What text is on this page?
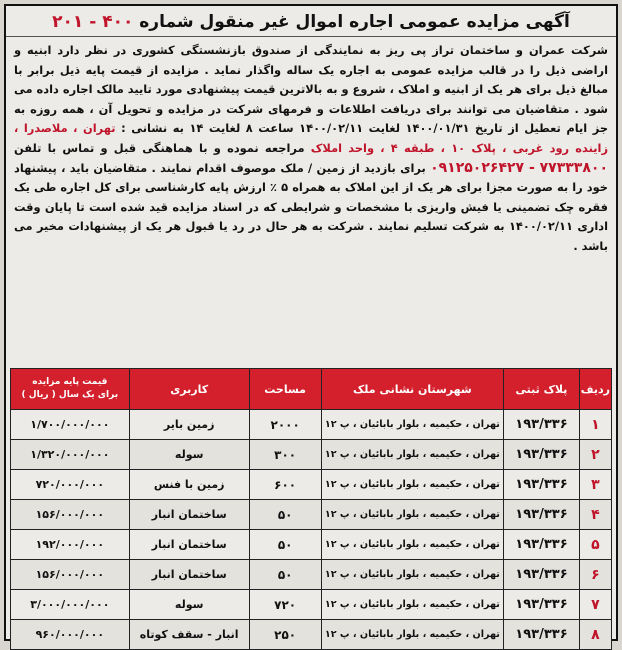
آگهی مزایده عمومی اجاره اموال غیر منقول شماره ۲۰۱ - ۴۰۰
شرکت عمران و ساختمان تراز پی ریز به نمایندگی از صندوق بازنشستگی کشوری در نظر دارد ابنیه و اراضی ذیل را در قالب مزایده عمومی به اجاره یک ساله واگذار نماید . مزایده از قیمت پایه ذیل برابر با مبالغ ذیل برای هر یک از ابنیه و املاک ، شروع و به بالاترین قیمت پیشنهادی مورد تایید مالک اجاره داده می شود . متقاضیان می توانند برای دریافت اطلاعات و فرمهای شرکت در مزایده و تحویل آن ، همه روزه به جز ایام تعطیل از تاریخ ۱۴۰۰/۰۱/۳۱ لغایت ۱۴۰۰/۰۲/۱۱ ساعت ۸ لغایت ۱۴ به نشانی : تهران ، ملاصدرا ، زاینده رود غربی ، پلاک ۱۰ ، طبقه ۴ ، واحد املاک مراجعه نموده و با هماهنگی قبل و تماس با تلفن ۰۹۱۲۵۰۲۶۴۲۷ - ۷۷۳۳۳۸۰۰ برای بازدید از زمین / ملک موصوف اقدام نمایند . متقاضیان باید ، پیشنهاد خود را به صورت مجزا برای هر یک از این املاک به همراه ۵ ٪ ارزش پایه کارشناسی برای کل اجاره طی یک فقره چک تضمینی یا فیش واریزی با مشخصات و شرایطی که در اسناد مزایده قید شده است تا پایان وقت اداری ۱۴۰۰/۰۲/۱۱ به شرکت تسلیم نمایند . شرکت به هر حال در رد یا قبول هر یک از پیشنهادات مخیر می باشد .
ردیف	پلاک ثبتی	شهرستان نشانی ملک	مساحت	کاربری	قیمت پایه مزایده
برای یک سال ( ریال )

۱	۱۹۳/۳۳۶	تهران ، حکیمیه ، بلوار بابائیان ، پ ۱۲	۲۰۰۰	زمین بایر	۱/۷۰۰/۰۰۰/۰۰۰
۲	۱۹۳/۳۳۶	تهران ، حکیمیه ، بلوار بابائیان ، پ ۱۲	۳۰۰	سوله	۱/۳۲۰/۰۰۰/۰۰۰
۳	۱۹۳/۳۳۶	تهران ، حکیمیه ، بلوار بابائیان ، پ ۱۲	۶۰۰	زمین با فنس	۷۲۰/۰۰۰/۰۰۰
۴	۱۹۳/۳۳۶	تهران ، حکیمیه ، بلوار بابائیان ، پ ۱۲	۵۰	ساختمان انبار	۱۵۶/۰۰۰/۰۰۰
۵	۱۹۳/۳۳۶	تهران ، حکیمیه ، بلوار بابائیان ، پ ۱۲	۵۰	ساختمان انبار	۱۹۲/۰۰۰/۰۰۰
۶	۱۹۳/۳۳۶	تهران ، حکیمیه ، بلوار بابائیان ، پ ۱۲	۵۰	ساختمان انبار	۱۵۶/۰۰۰/۰۰۰
۷	۱۹۳/۳۳۶	تهران ، حکیمیه ، بلوار بابائیان ، پ ۱۲	۷۲۰	سوله	۳/۰۰۰/۰۰۰/۰۰۰
۸	۱۹۳/۳۳۶	تهران ، حکیمیه ، بلوار بابائیان ، پ ۱۲	۲۵۰	انبار - سقف کوتاه	۹۶۰/۰۰۰/۰۰۰
